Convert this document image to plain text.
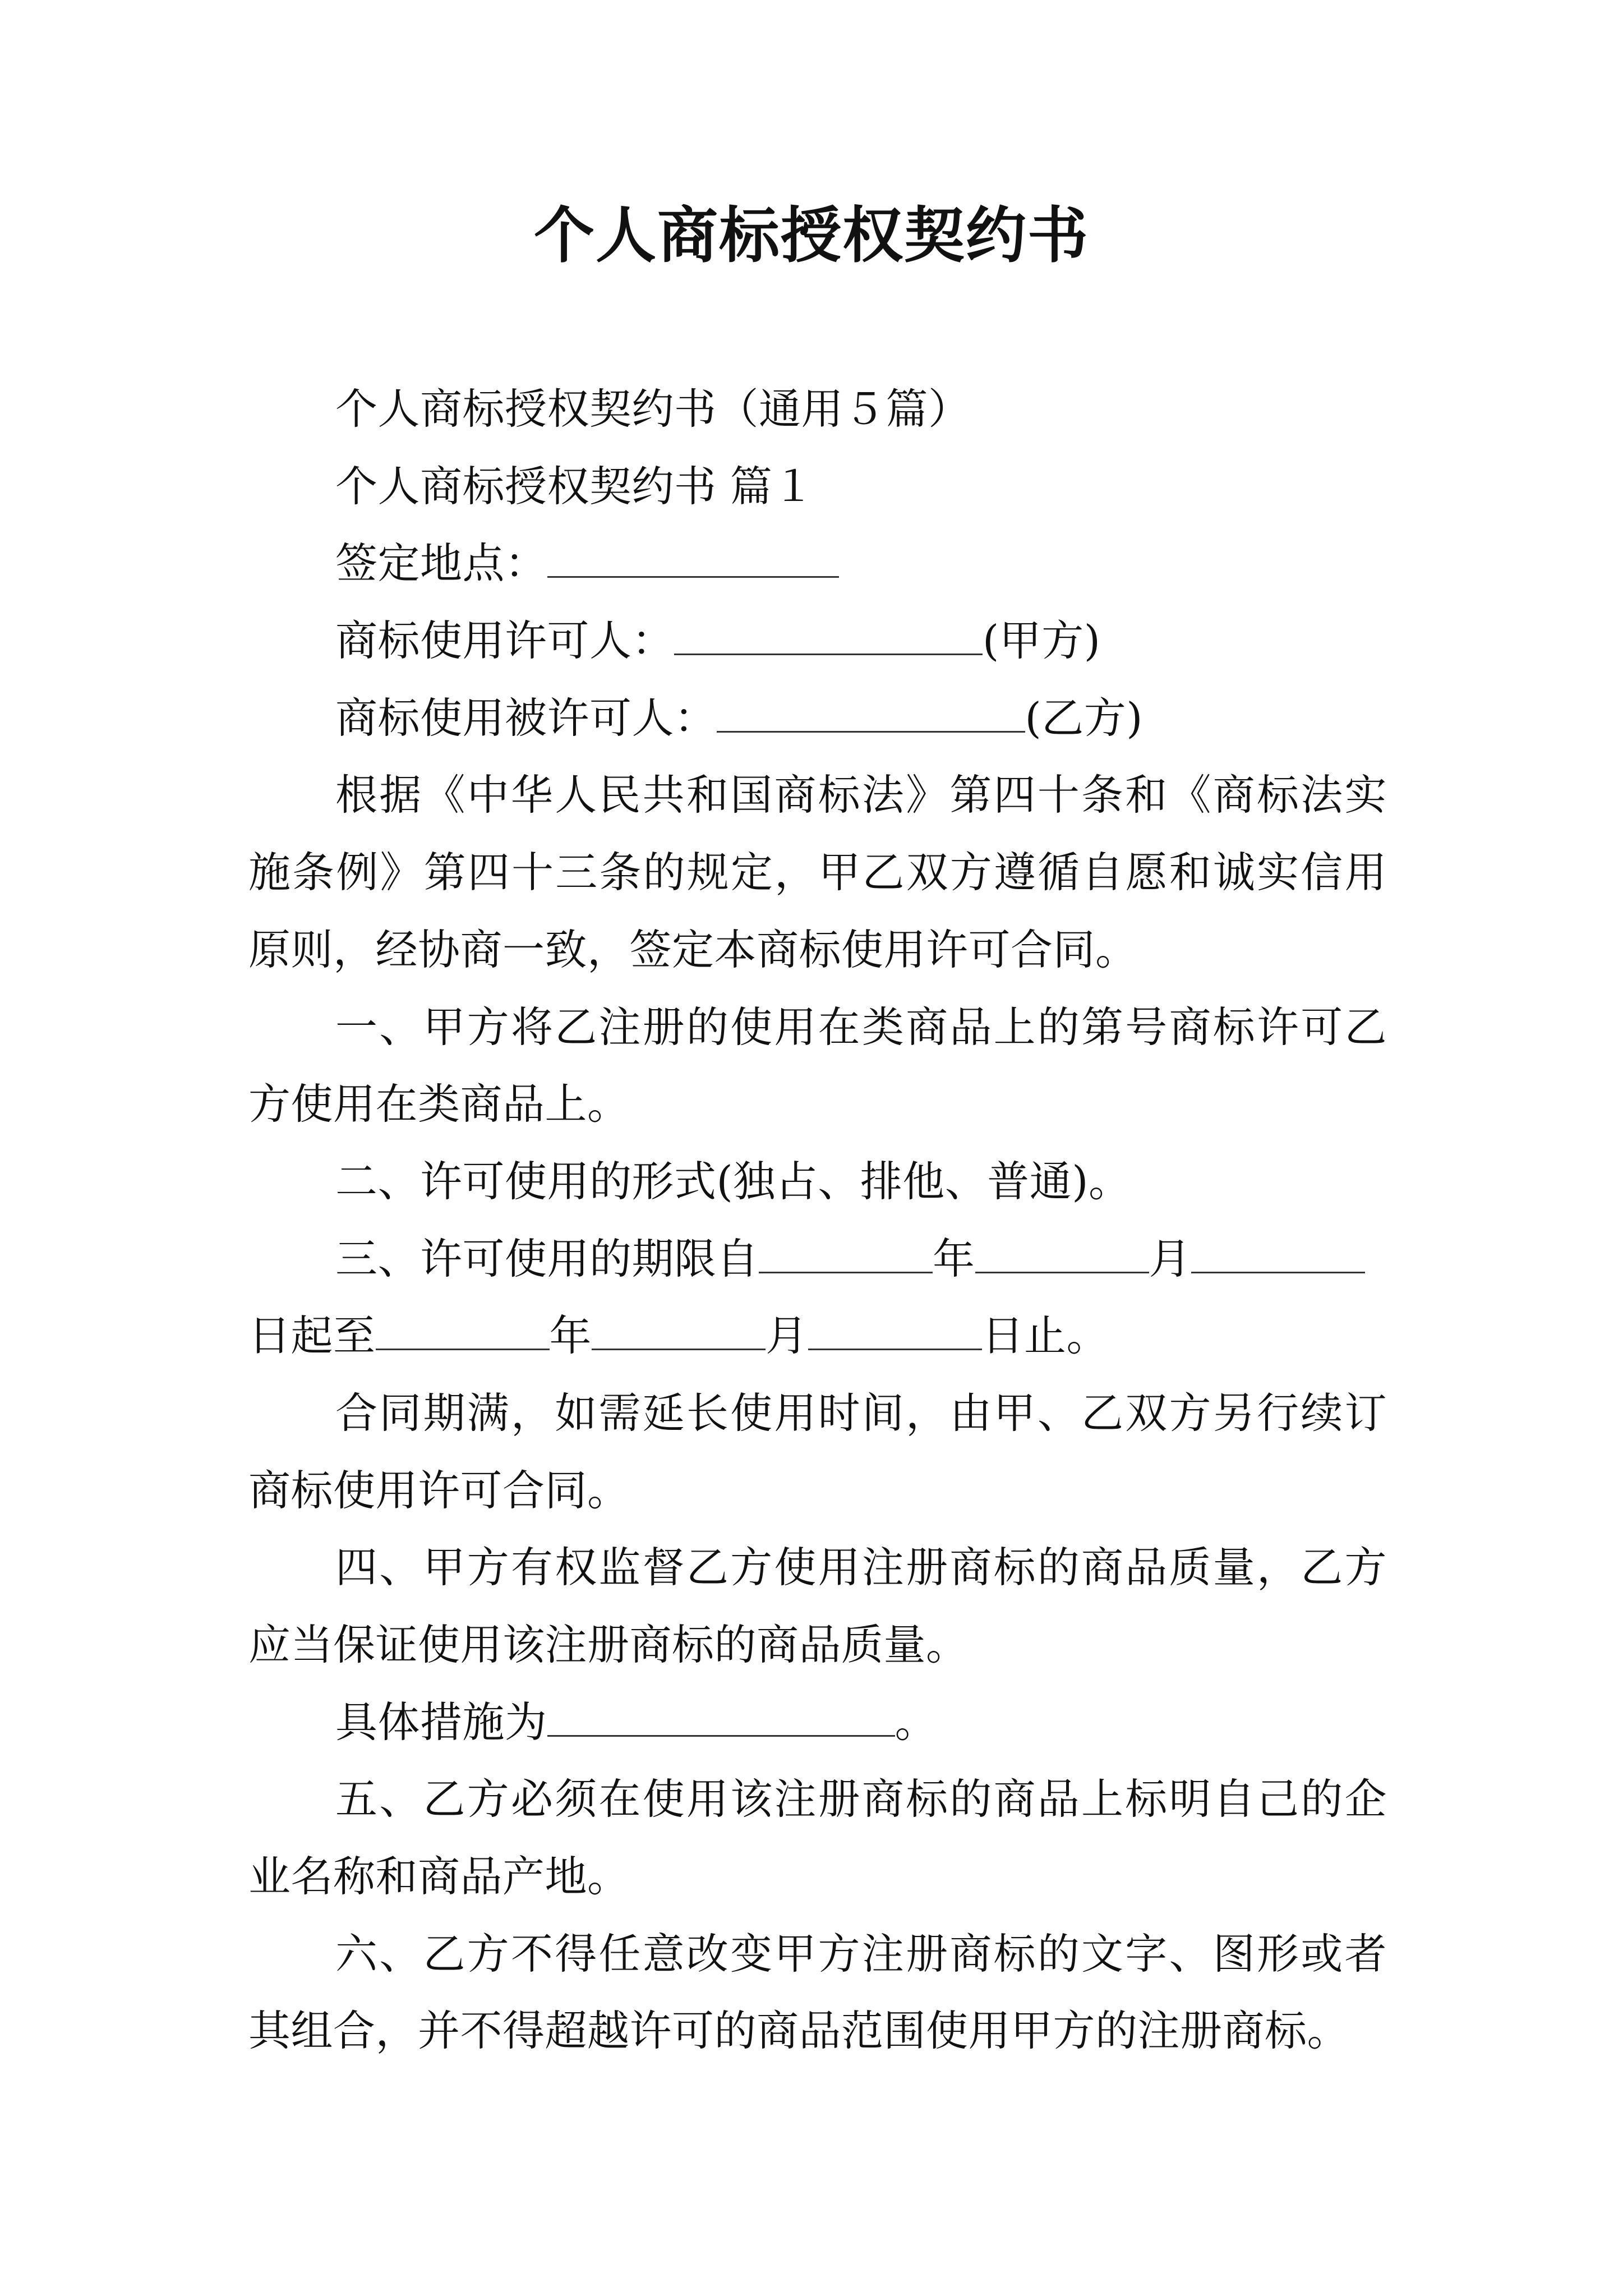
个人商标授权契约书
个人商标授权契约书（通用５篇）
个人商标授权契约书 篇１
签定地点：
商标使用许可人：	(甲方)
商标使用被许可人：	(乙方)
根据《中华人民共和国商标法》第四十条和《商标法实
施条例》第四十三条的规定，甲乙双方遵循自愿和诚实信用
原则，经协商一致，签定本商标使用许可合同。
一、甲方将乙注册的使用在类商品上的第号商标许可乙
方使用在类商品上。
二、许可使用的形式(独占、排他、普通)。
三、许可使用的期限自	年	月
日起至	年	月	日止。
合同期满，如需延长使用时间，由甲、乙双方另行续订
商标使用许可合同。
四、甲方有权监督乙方使用注册商标的商品质量，乙方
应当保证使用该注册商标的商品质量。
具体措施为	。
五、乙方必须在使用该注册商标的商品上标明自己的企
业名称和商品产地。
六、乙方不得任意改变甲方注册商标的文字、图形或者
其组合，并不得超越许可的商品范围使用甲方的注册商标。
